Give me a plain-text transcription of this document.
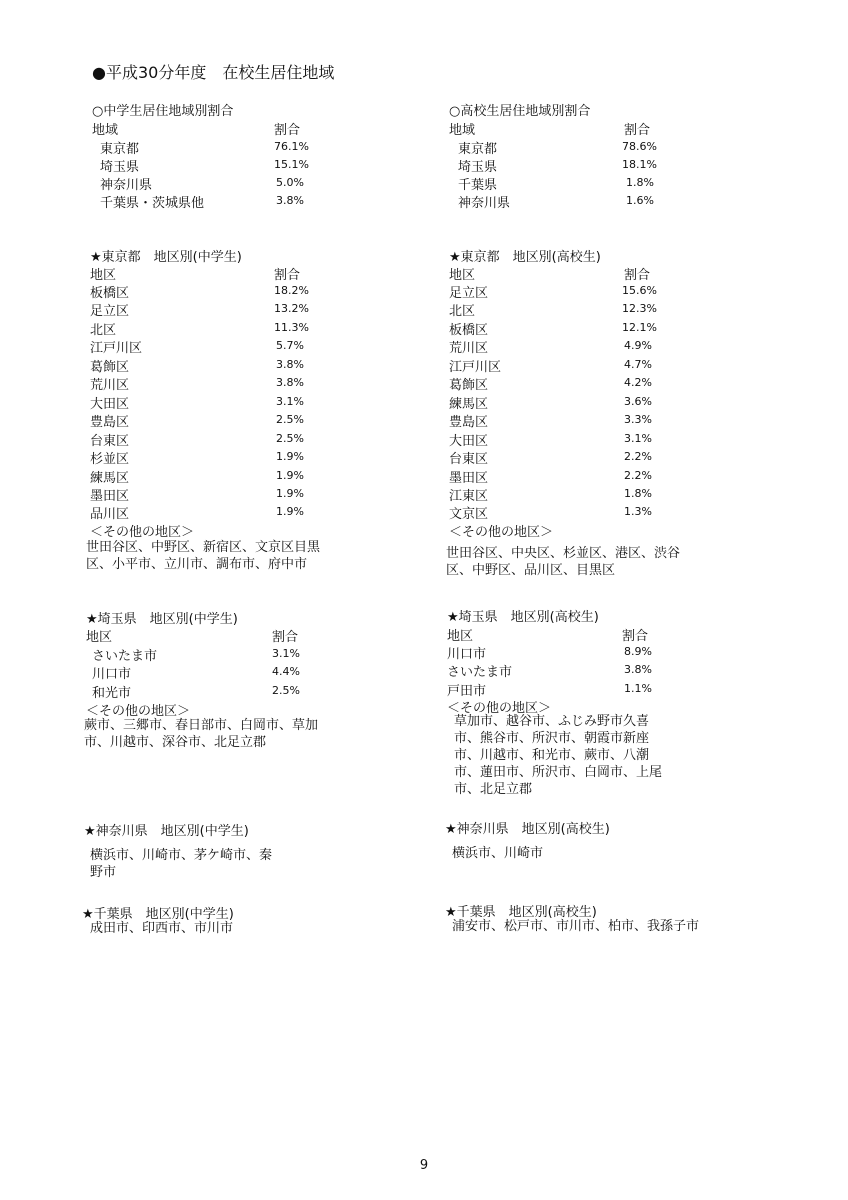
●平成30分年度　在校生居住地域
○中学生居住地域別割合
地域	割合
東京都	76.1%
埼玉県	15.1%
神奈川県	5.0%
千葉県・茨城県他	3.8%
○高校生居住地域別割合
地域	割合
東京都	78.6%
埼玉県	18.1%
千葉県	1.8%
神奈川県	1.6%
★東京都　地区別(中学生)
地区	割合
板橋区	18.2%
足立区	13.2%
北区	11.3%
江戸川区	5.7%
葛飾区	3.8%
荒川区	3.8%
大田区	3.1%
豊島区	2.5%
台東区	2.5%
杉並区	1.9%
練馬区	1.9%
墨田区	1.9%
品川区	1.9%
＜その他の地区＞
世田谷区、中野区、新宿区、文京区目黒区、小平市、立川市、調布市、府中市
★東京都　地区別(高校生)
地区	割合
足立区	15.6%
北区	12.3%
板橋区	12.1%
荒川区	4.9%
江戸川区	4.7%
葛飾区	4.2%
練馬区	3.6%
豊島区	3.3%
大田区	3.1%
台東区	2.2%
墨田区	2.2%
江東区	1.8%
文京区	1.3%
＜その他の地区＞
世田谷区、中央区、杉並区、港区、渋谷区、中野区、品川区、目黒区
★埼玉県　地区別(中学生)
地区	割合
さいたま市	3.1%
川口市	4.4%
和光市	2.5%
＜その他の地区＞
蕨市、三郷市、春日部市、白岡市、草加市、川越市、深谷市、北足立郡
★埼玉県　地区別(高校生)
地区	割合
川口市	8.9%
さいたま市	3.8%
戸田市	1.1%
＜その他の地区＞
草加市、越谷市、ふじみ野市久喜市、熊谷市、所沢市、朝霞市新座市、川越市、和光市、蕨市、八潮市、蓮田市、所沢市、白岡市、上尾市、北足立郡
★神奈川県　地区別(中学生)
横浜市、川崎市、茅ケ崎市、秦野市
★神奈川県　地区別(高校生)
横浜市、川崎市
★千葉県　地区別(中学生)
成田市、印西市、市川市
★千葉県　地区別(高校生)
浦安市、松戸市、市川市、柏市、我孫子市
9
